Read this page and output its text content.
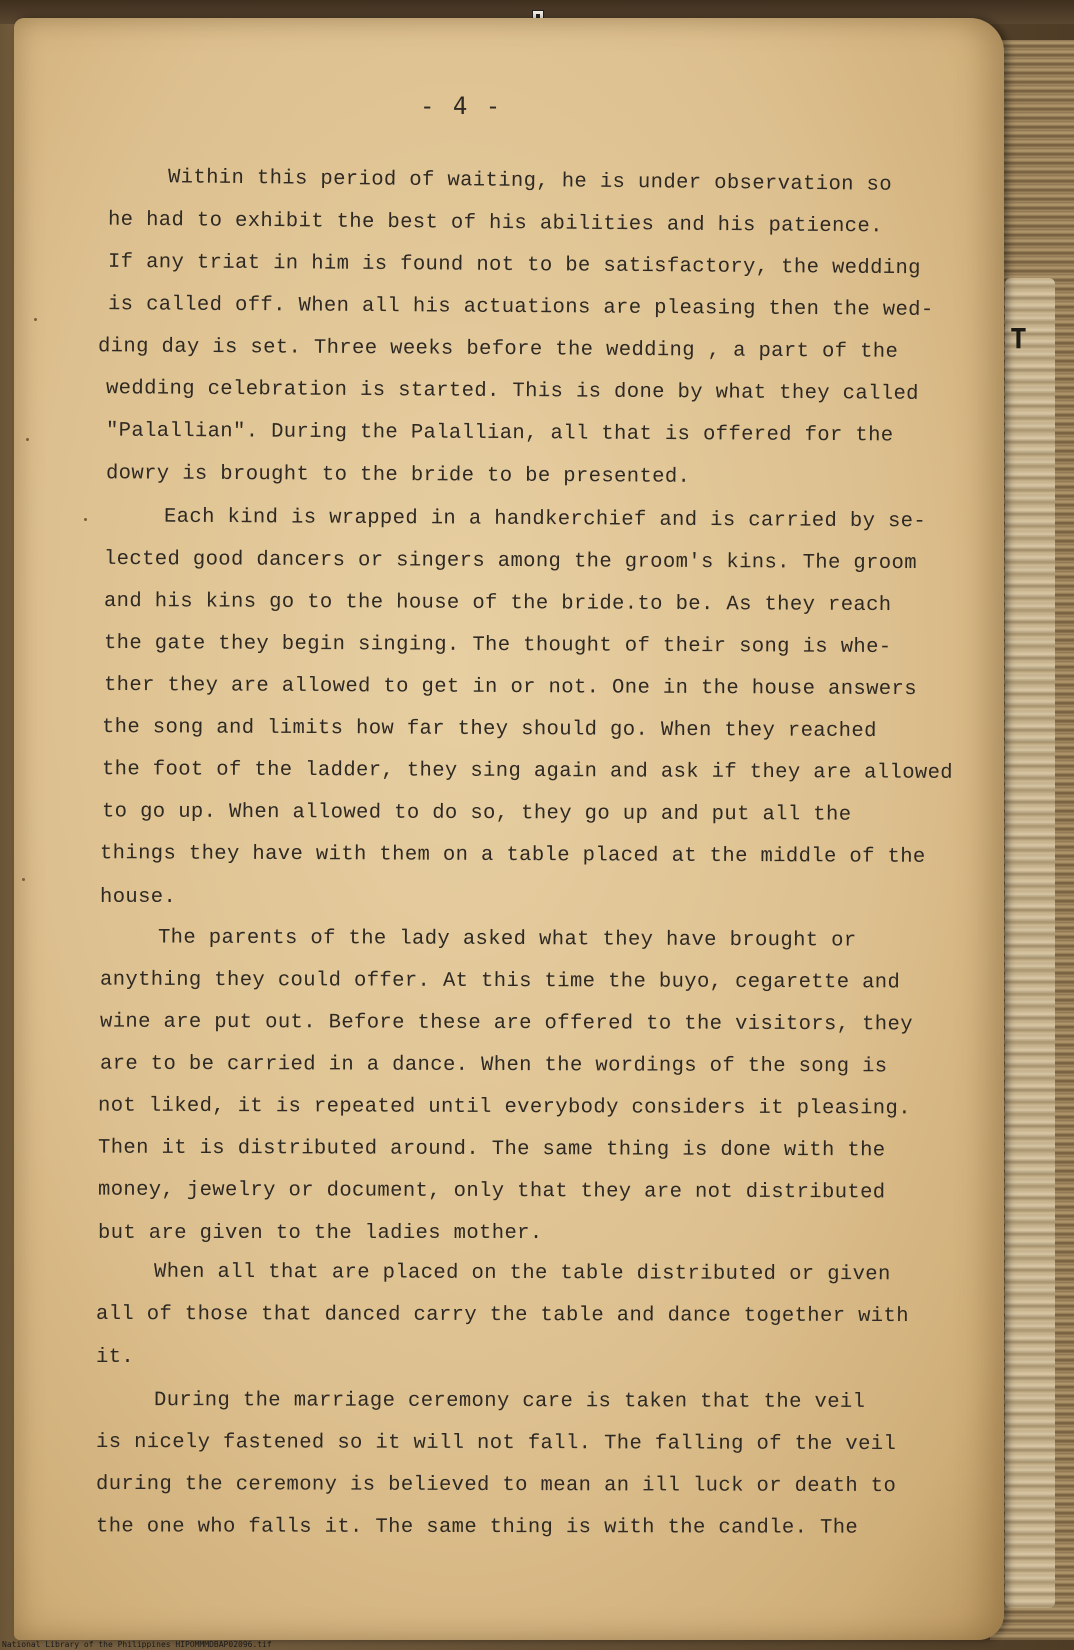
T
- 4 -
Within this period of waiting, he is under observation so
he had to exhibit the best of his abilities and his patience.
If any triat in him is found not to be satisfactory, the wedding
is called off. When all his actuations are pleasing then the wed-
ding day is set. Three weeks before the wedding , a part of the
wedding celebration is started. This is done by what they called
"Palallian". During the Palallian, all that is offered for the
dowry is brought to the bride to be presented.
Each kind is wrapped in a handkerchief and is carried by se-
lected good dancers or singers among the groom's kins. The groom
and his kins go to the house of the bride.to be. As they reach
the gate they begin singing. The thought of their song is whe-
ther they are allowed to get in or not. One in the house answers
the song and limits how far they should go. When they reached
the foot of the ladder, they sing again and ask if they are allowed
to go up. When allowed to do so, they go up and put all the
things they have with them on a table placed at the middle of the
house.
The parents of the lady asked what they have brought or
anything they could offer. At this time the buyo, cegarette and
wine are put out. Before these are offered to the visitors, they
are to be carried in a dance. When the wordings of the song is
not liked, it is repeated until everybody considers it pleasing.
Then it is distributed around. The same thing is done with the
money, jewelry or document, only that they are not distributed
but are given to the ladies mother.
When all that are placed on the table distributed or given
all of those that danced carry the table and dance together with
it.
During the marriage ceremony care is taken that the veil
is nicely fastened so it will not fall. The falling of the veil
during the ceremony is believed to mean an ill luck or death to
the one who falls it. The same thing is with the candle. The
National Library of the Philippines HIPOMMMDBAP02096.tif
